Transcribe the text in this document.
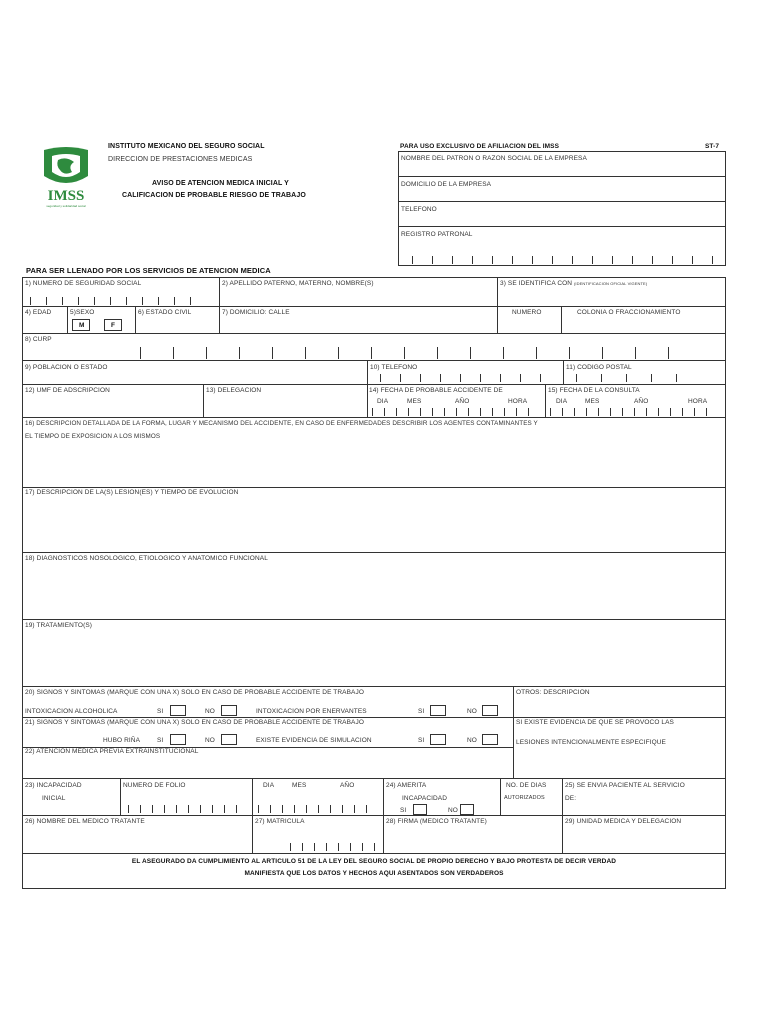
IMSS
seguridad y solidaridad social
INSTITUTO MEXICANO DEL SEGURO SOCIAL
DIRECCION DE PRESTACIONES MEDICAS
AVISO DE ATENCION MEDICA INICIAL Y
CALIFICACION DE PROBABLE RIESGO DE TRABAJO
PARA USO EXCLUSIVO DE AFILIACION DEL IMSS	ST-7
NOMBRE DEL PATRON O RAZON SOCIAL DE LA EMPRESA
DOMICILIO DE LA EMPRESA
TELEFONO
REGISTRO PATRONAL
PARA SER LLENADO POR LOS SERVICIOS DE ATENCION MEDICA
1) NUMERO DE SEGURIDAD SOCIAL	2) APELLIDO PATERNO, MATERNO, NOMBRE(S)	3) SE IDENTIFICA CON (IDENTIFICACION OFICIAL VIGENTE)
4) EDAD	5)SEXO
M	F
6) ESTADO CIVIL	7) DOMICILIO: CALLE	NUMERO	COLONIA O FRACCIONAMIENTO
8) CURP
9) POBLACION O ESTADO	10) TELEFONO	11) CODIGO POSTAL
12) UMF DE ADSCRIPCION	13) DELEGACION	14) FECHA DE PROBABLE ACCIDENTE DE
DIA	MES	AÑO	HORA
15) FECHA DE LA CONSULTA
DIA	MES	AÑO	HORA
16) DESCRIPCION DETALLADA DE LA FORMA, LUGAR Y MECANISMO DEL ACCIDENTE, EN CASO DE ENFERMEDADES DESCRIBIR LOS AGENTES CONTAMINANTES Y
EL TIEMPO DE EXPOSICION A LOS MISMOS
17) DESCRIPCION DE LA(S) LESION(ES) Y TIEMPO DE EVOLUCION
18) DIAGNOSTICOS NOSOLOGICO, ETIOLOGICO Y ANATOMICO FUNCIONAL
19) TRATAMIENTO(S)
20) SIGNOS Y SINTOMAS (MARQUE CON UNA X) SOLO EN CASO DE PROBABLE ACCIDENTE DE TRABAJO	OTROS: DESCRIPCION
INTOXICACION ALCOHOLICA	SI	NO	INTOXICACION POR ENERVANTES	SI	NO
21) SIGNOS Y SINTOMAS (MARQUE CON UNA X) SOLO EN CASO DE PROBABLE ACCIDENTE DE TRABAJO	SI EXISTE EVIDENCIA DE QUE SE PROVOCO LAS
LESIONES INTENCIONALMENTE ESPECIFIQUE
HUBO RIÑA	SI	NO	EXISTE EVIDENCIA DE SIMULACION	SI	NO
22) ATENCION MEDICA PREVIA EXTRAINSTITUCIONAL
23) INCAPACIDAD
INICIAL
NUMERO DE FOLIO	DIA	MES	AÑO	24) AMERITA
INCAPACIDAD
SI	NO
NO. DE DIAS
AUTORIZADOS
25) SE ENVIA PACIENTE AL SERVICIO
DE:
26) NOMBRE DEL MEDICO TRATANTE	27) MATRICULA	28) FIRMA (MEDICO TRATANTE)	29) UNIDAD MEDICA Y DELEGACION
EL ASEGURADO DA CUMPLIMIENTO AL ARTICULO 51 DE LA LEY DEL SEGURO SOCIAL DE PROPIO DERECHO Y BAJO PROTESTA DE DECIR VERDAD
MANIFIESTA QUE LOS DATOS Y HECHOS AQUI ASENTADOS SON VERDADEROS
